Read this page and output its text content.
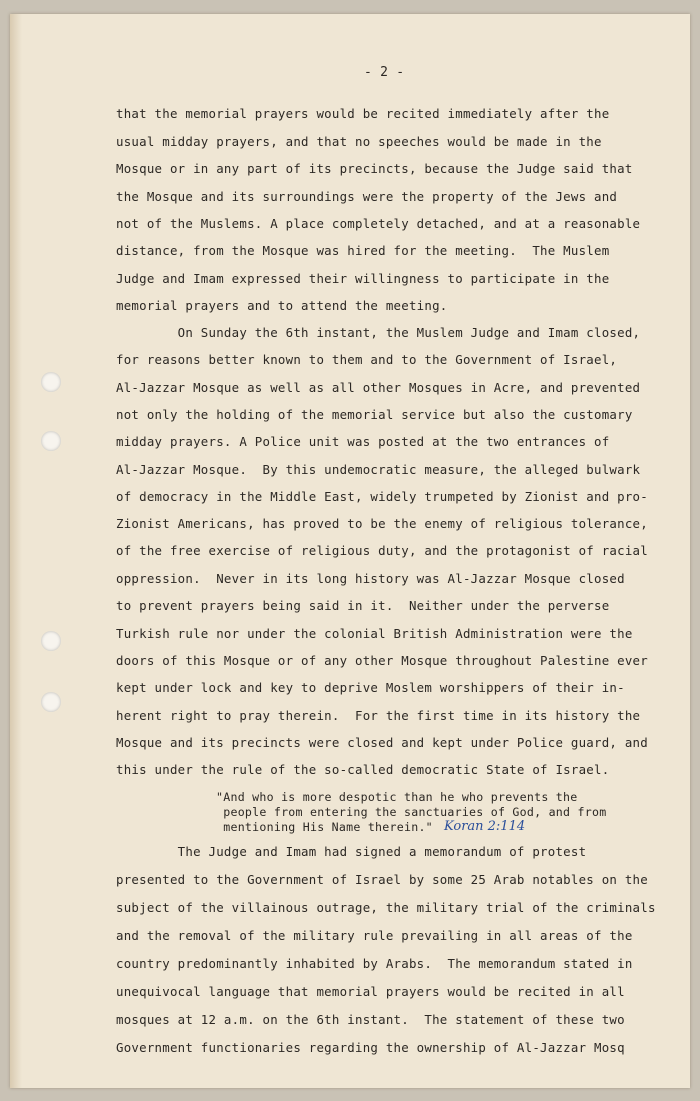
- 2 -
that the memorial prayers would be recited immediately after the
usual midday prayers, and that no speeches would be made in the
Mosque or in any part of its precincts, because the Judge said that
the Mosque and its surroundings were the property of the Jews and
not of the Muslems. A place completely detached, and at a reasonable
distance, from the Mosque was hired for the meeting.  The Muslem
Judge and Imam expressed their willingness to participate in the
memorial prayers and to attend the meeting.
On Sunday the 6th instant, the Muslem Judge and Imam closed,
for reasons better known to them and to the Government of Israel,
Al-Jazzar Mosque as well as all other Mosques in Acre, and prevented
not only the holding of the memorial service but also the customary
midday prayers. A Police unit was posted at the two entrances of
Al-Jazzar Mosque.  By this undemocratic measure, the alleged bulwark
of democracy in the Middle East, widely trumpeted by Zionist and pro-
Zionist Americans, has proved to be the enemy of religious tolerance,
of the free exercise of religious duty, and the protagonist of racial
oppression.  Never in its long history was Al-Jazzar Mosque closed
to prevent prayers being said in it.  Neither under the perverse
Turkish rule nor under the colonial British Administration were the
doors of this Mosque or of any other Mosque throughout Palestine ever
kept under lock and key to deprive Moslem worshippers of their in-
herent right to pray therein.  For the first time in its history the
Mosque and its precincts were closed and kept under Police guard, and
this under the rule of the so-called democratic State of Israel.
"And who is more despotic than he who prevents the
people from entering the sanctuaries of God, and from
mentioning His Name therein."
The Judge and Imam had signed a memorandum of protest
presented to the Government of Israel by some 25 Arab notables on the
subject of the villainous outrage, the military trial of the criminals
and the removal of the military rule prevailing in all areas of the
country predominantly inhabited by Arabs.  The memorandum stated in
unequivocal language that memorial prayers would be recited in all
mosques at 12 a.m. on the 6th instant.  The statement of these two
Government functionaries regarding the ownership of Al-Jazzar Mosq
Koran 2:114
